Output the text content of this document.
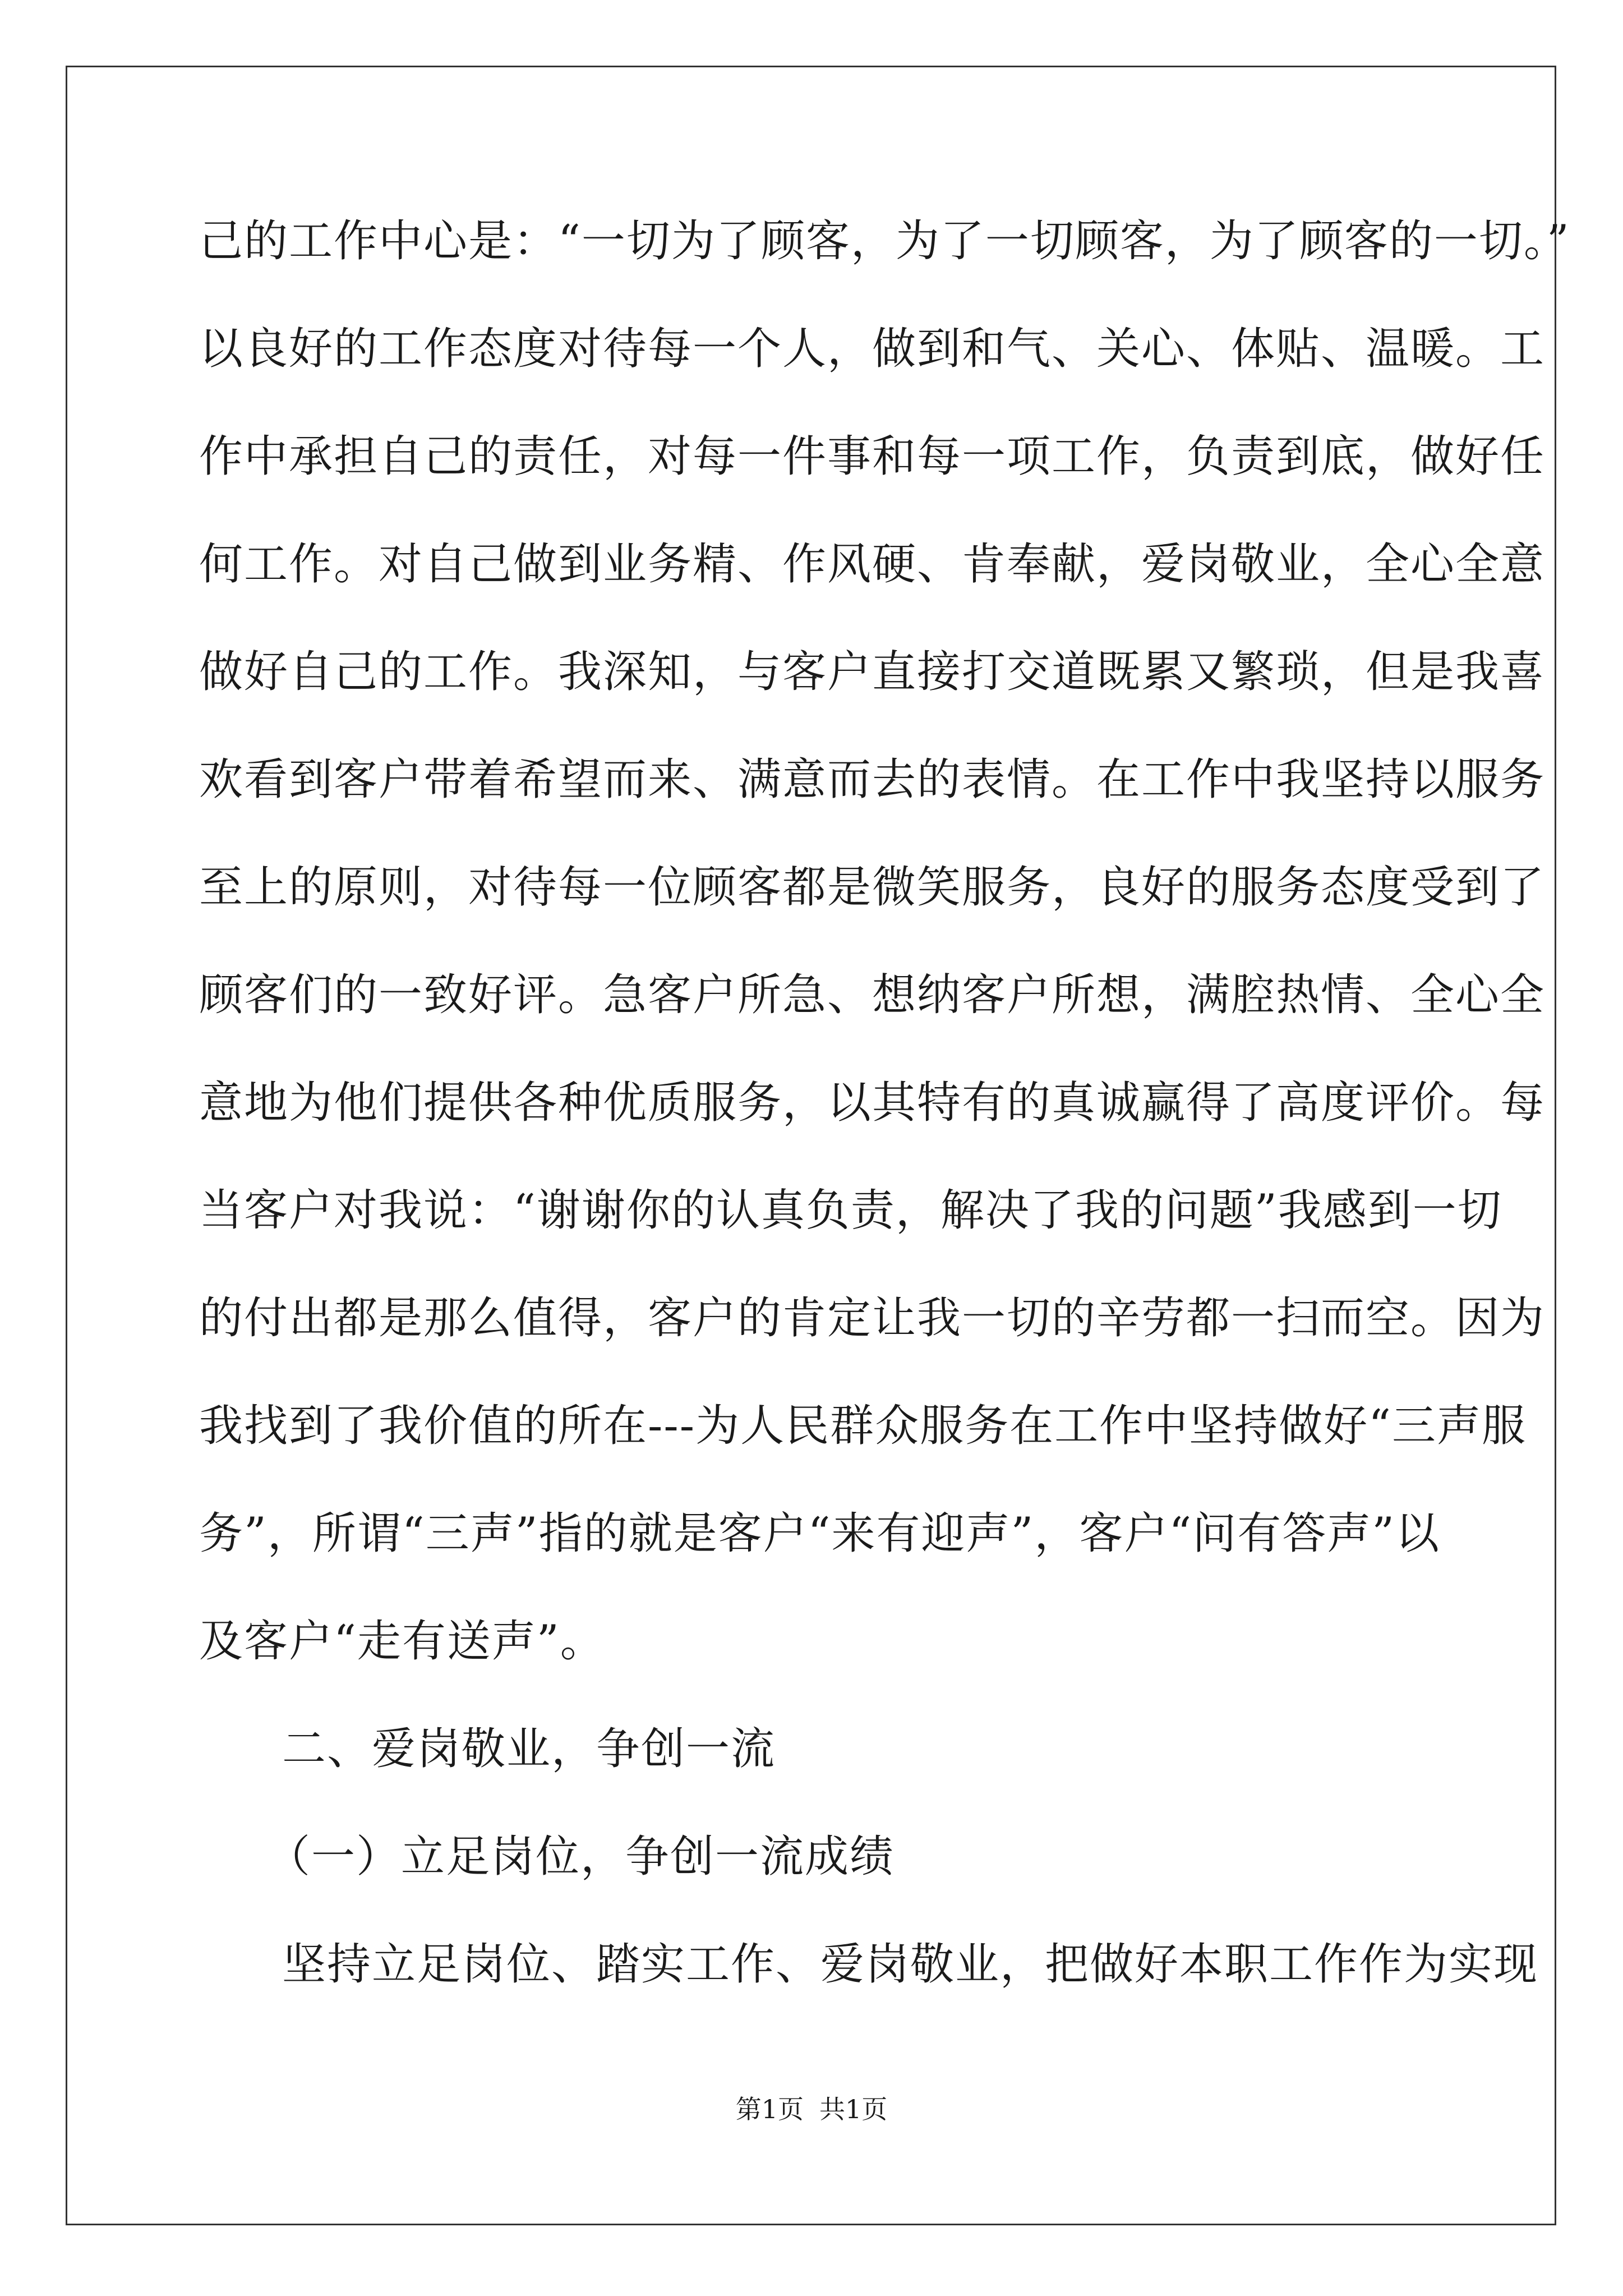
己的工作中心是：“一切为了顾客，为了一切顾客，为了顾客的一切。”
以良好的工作态度对待每一个人，做到和气、关心、体贴、温暖。工
作中承担自己的责任，对每一件事和每一项工作，负责到底，做好任
何工作。对自己做到业务精、作风硬、肯奉献，爱岗敬业，全心全意
做好自己的工作。我深知，与客户直接打交道既累又繁琐，但是我喜
欢看到客户带着希望而来、满意而去的表情。在工作中我坚持以服务
至上的原则，对待每一位顾客都是微笑服务，良好的服务态度受到了
顾客们的一致好评。急客户所急、想纳客户所想，满腔热情、全心全
意地为他们提供各种优质服务，以其特有的真诚赢得了高度评价。每
当客户对我说：“谢谢你的认真负责，解决了我的问题”我感到一切
的付出都是那么值得，客户的肯定让我一切的辛劳都一扫而空。因为
我找到了我价值的所在---为人民群众服务在工作中坚持做好“三声服
务”，所谓“三声”指的就是客户“来有迎声”，客户“问有答声”以
及客户“走有送声”。
二、爱岗敬业，争创一流
（一）立足岗位，争创一流成绩
坚持立足岗位、踏实工作、爱岗敬业，把做好本职工作作为实现
第1页 共1页
